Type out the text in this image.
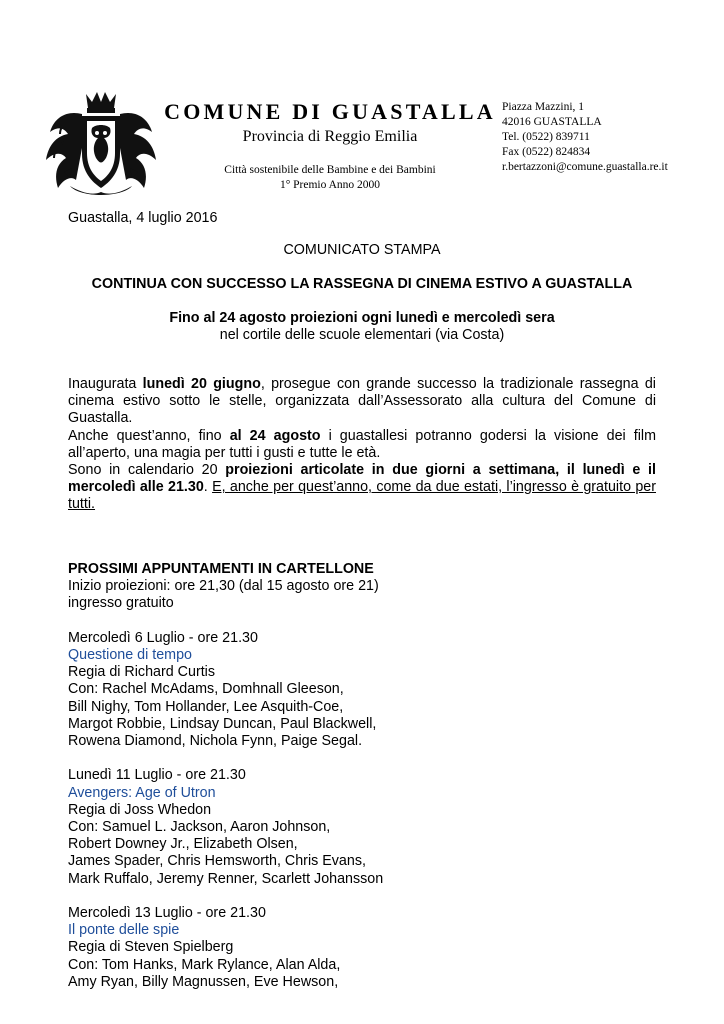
COMUNE DI GUASTALLA
Provincia di Reggio Emilia
Città sostenibile delle Bambine e dei Bambini
1° Premio Anno 2000
Piazza Mazzini, 1
42016 GUASTALLA
Tel. (0522) 839711
Fax (0522) 824834
r.bertazzoni@comune.guastalla.re.it
Guastalla, 4 luglio 2016
COMUNICATO STAMPA
CONTINUA CON SUCCESSO LA RASSEGNA DI CINEMA ESTIVO A GUASTALLA
Fino al 24 agosto proiezioni ogni lunedì e mercoledì sera
nel cortile delle scuole elementari (via Costa)

Inaugurata lunedì 20 giugno, prosegue con grande successo la tradizionale rassegna di cinema estivo sotto le stelle, organizzata dall’Assessorato alla cultura del Comune di Guastalla.

Anche quest’anno, fino al 24 agosto i guastallesi potranno godersi la visione dei film all’aperto, una magia per tutti i gusti e tutte le età.

Sono in calendario 20 proiezioni articolate in due giorni a settimana, il lunedì e il mercoledì alle 21.30. E, anche per quest’anno, come da due estati, l’ingresso è gratuito per tutti.

PROSSIMI APPUNTAMENTI IN CARTELLONE
Inizio proiezioni: ore 21,30 (dal 15 agosto ore 21)
ingresso gratuito
Mercoledì 6 Luglio - ore 21.30
Questione di tempo
Regia di Richard Curtis
Con: Rachel McAdams, Domhnall Gleeson,
Bill Nighy, Tom Hollander, Lee Asquith-Coe,
Margot Robbie, Lindsay Duncan, Paul Blackwell,
Rowena Diamond, Nichola Fynn, Paige Segal.
Lunedì 11 Luglio - ore 21.30
Avengers: Age of Utron
Regia di Joss Whedon
Con: Samuel L. Jackson, Aaron Johnson,
Robert Downey Jr., Elizabeth Olsen,
James Spader, Chris Hemsworth, Chris Evans,
Mark Ruffalo, Jeremy Renner, Scarlett Johansson
Mercoledì 13 Luglio - ore 21.30
Il ponte delle spie
Regia di Steven Spielberg
Con: Tom Hanks, Mark Rylance, Alan Alda,
Amy Ryan, Billy Magnussen, Eve Hewson,
